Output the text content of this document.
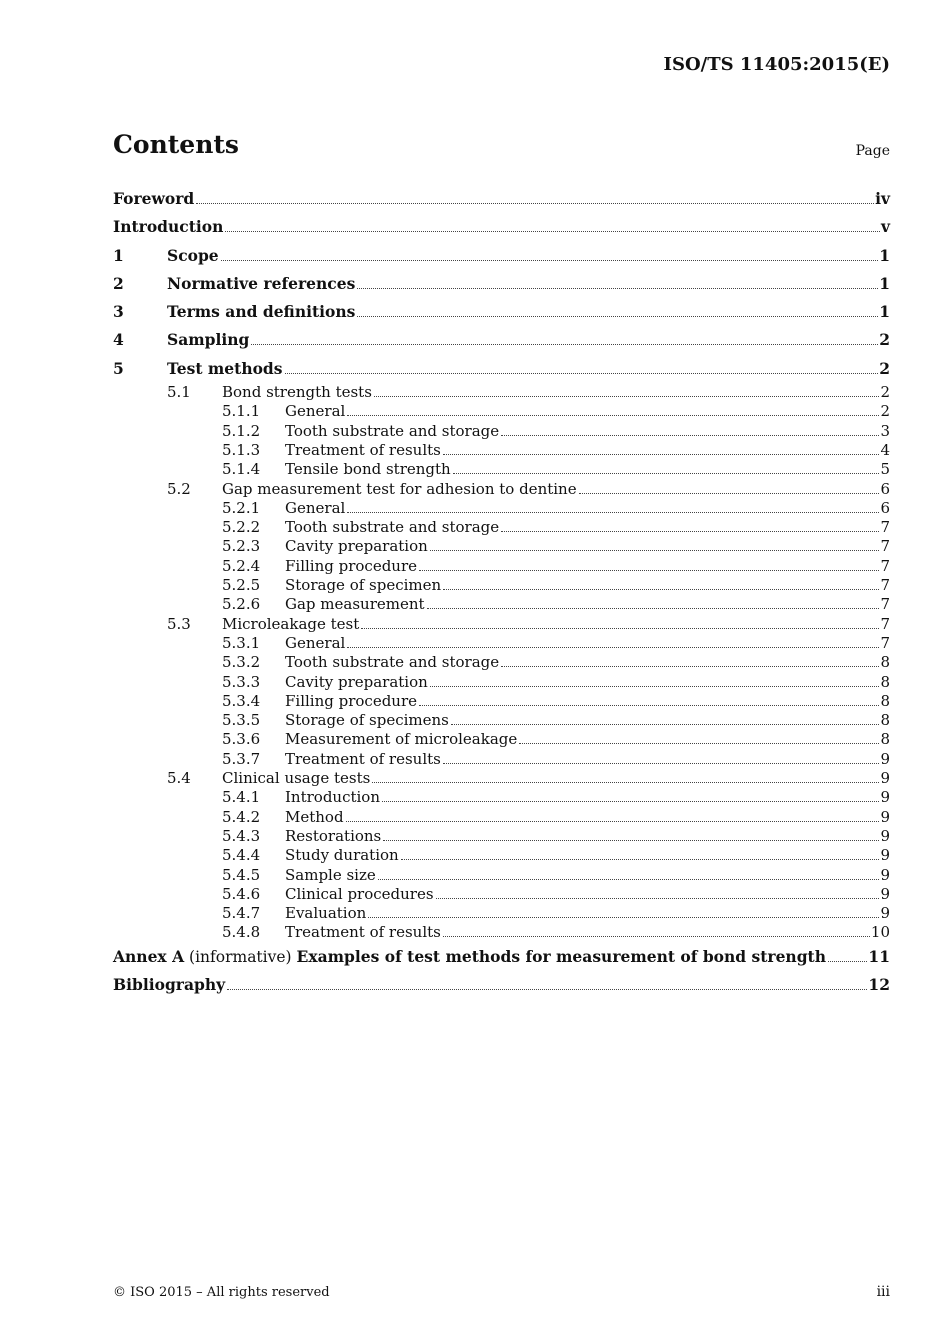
ISO/TS 11405:2015(E)
Contents	Page
Foreword	iv
Introduction	v
1	Scope	1
2	Normative references	1
3	Terms and definitions	1
4	Sampling	2
5	Test methods	2
5.1	Bond strength tests	2
5.1.1	General	2
5.1.2	Tooth substrate and storage	3
5.1.3	Treatment of results	4
5.1.4	Tensile bond strength	5
5.2	Gap measurement test for adhesion to dentine	6
5.2.1	General	6
5.2.2	Tooth substrate and storage	7
5.2.3	Cavity preparation	7
5.2.4	Filling procedure	7
5.2.5	Storage of specimen	7
5.2.6	Gap measurement	7
5.3	Microleakage test	7
5.3.1	General	7
5.3.2	Tooth substrate and storage	8
5.3.3	Cavity preparation	8
5.3.4	Filling procedure	8
5.3.5	Storage of specimens	8
5.3.6	Measurement of microleakage	8
5.3.7	Treatment of results	9
5.4	Clinical usage tests	9
5.4.1	Introduction	9
5.4.2	Method	9
5.4.3	Restorations	9
5.4.4	Study duration	9
5.4.5	Sample size	9
5.4.6	Clinical procedures	9
5.4.7	Evaluation	9
5.4.8	Treatment of results	10
Annex A (informative) Examples of test methods for measurement of bond strength	11
Bibliography	12
© ISO 2015 – All rights reserved	iii
